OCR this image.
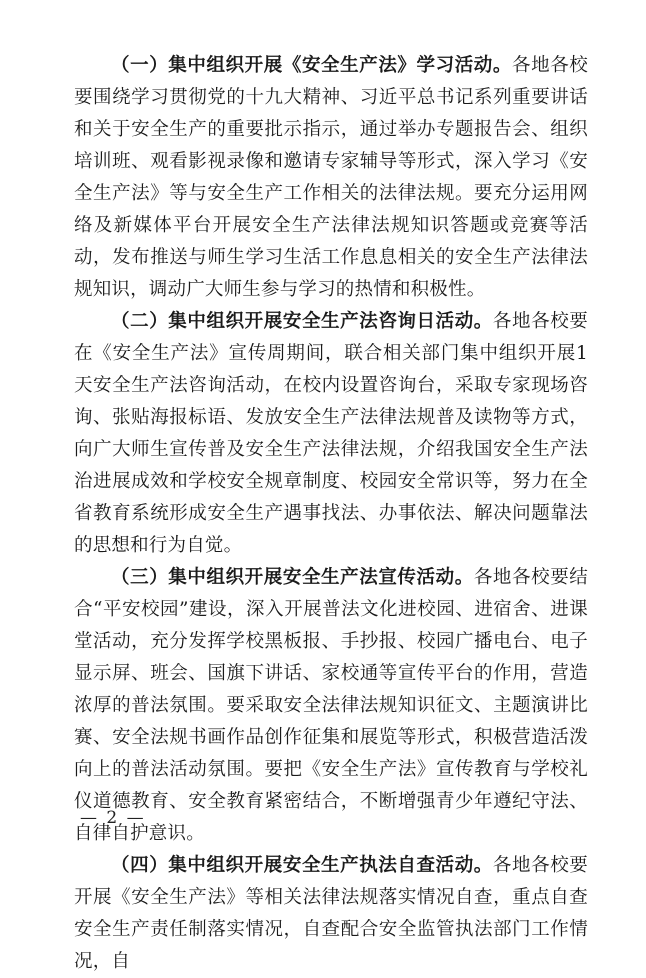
（一）集中组织开展《安全生产法》学习活动。各地各校要围绕学习贯彻党的十九大精神、习近平总书记系列重要讲话和关于安全生产的重要批示指示，通过举办专题报告会、组织培训班、观看影视录像和邀请专家辅导等形式，深入学习《安全生产法》等与安全生产工作相关的法律法规。要充分运用网络及新媒体平台开展安全生产法律法规知识答题或竞赛等活动，发布推送与师生学习生活工作息息相关的安全生产法律法规知识，调动广大师生参与学习的热情和积极性。

（二）集中组织开展安全生产法咨询日活动。各地各校要在《安全生产法》宣传周期间，联合相关部门集中组织开展1天安全生产法咨询活动，在校内设置咨询台，采取专家现场咨询、张贴海报标语、发放安全生产法律法规普及读物等方式，向广大师生宣传普及安全生产法律法规，介绍我国安全生产法治进展成效和学校安全规章制度、校园安全常识等，努力在全省教育系统形成安全生产遇事找法、办事依法、解决问题靠法的思想和行为自觉。

（三）集中组织开展安全生产法宣传活动。各地各校要结合“平安校园”建设，深入开展普法文化进校园、进宿舍、进课堂活动，充分发挥学校黑板报、手抄报、校园广播电台、电子显示屏、班会、国旗下讲话、家校通等宣传平台的作用，营造浓厚的普法氛围。要采取安全法律法规知识征文、主题演讲比赛、安全法规书画作品创作征集和展览等形式，积极营造活泼向上的普法活动氛围。要把《安全生产法》宣传教育与学校礼仪道德教育、安全教育紧密结合，不断增强青少年遵纪守法、自律自护意识。

（四）集中组织开展安全生产执法自查活动。各地各校要开展《安全生产法》等相关法律法规落实情况自查，重点自查安全生产责任制落实情况，自查配合安全监管执法部门工作情况，自

— 2 —
